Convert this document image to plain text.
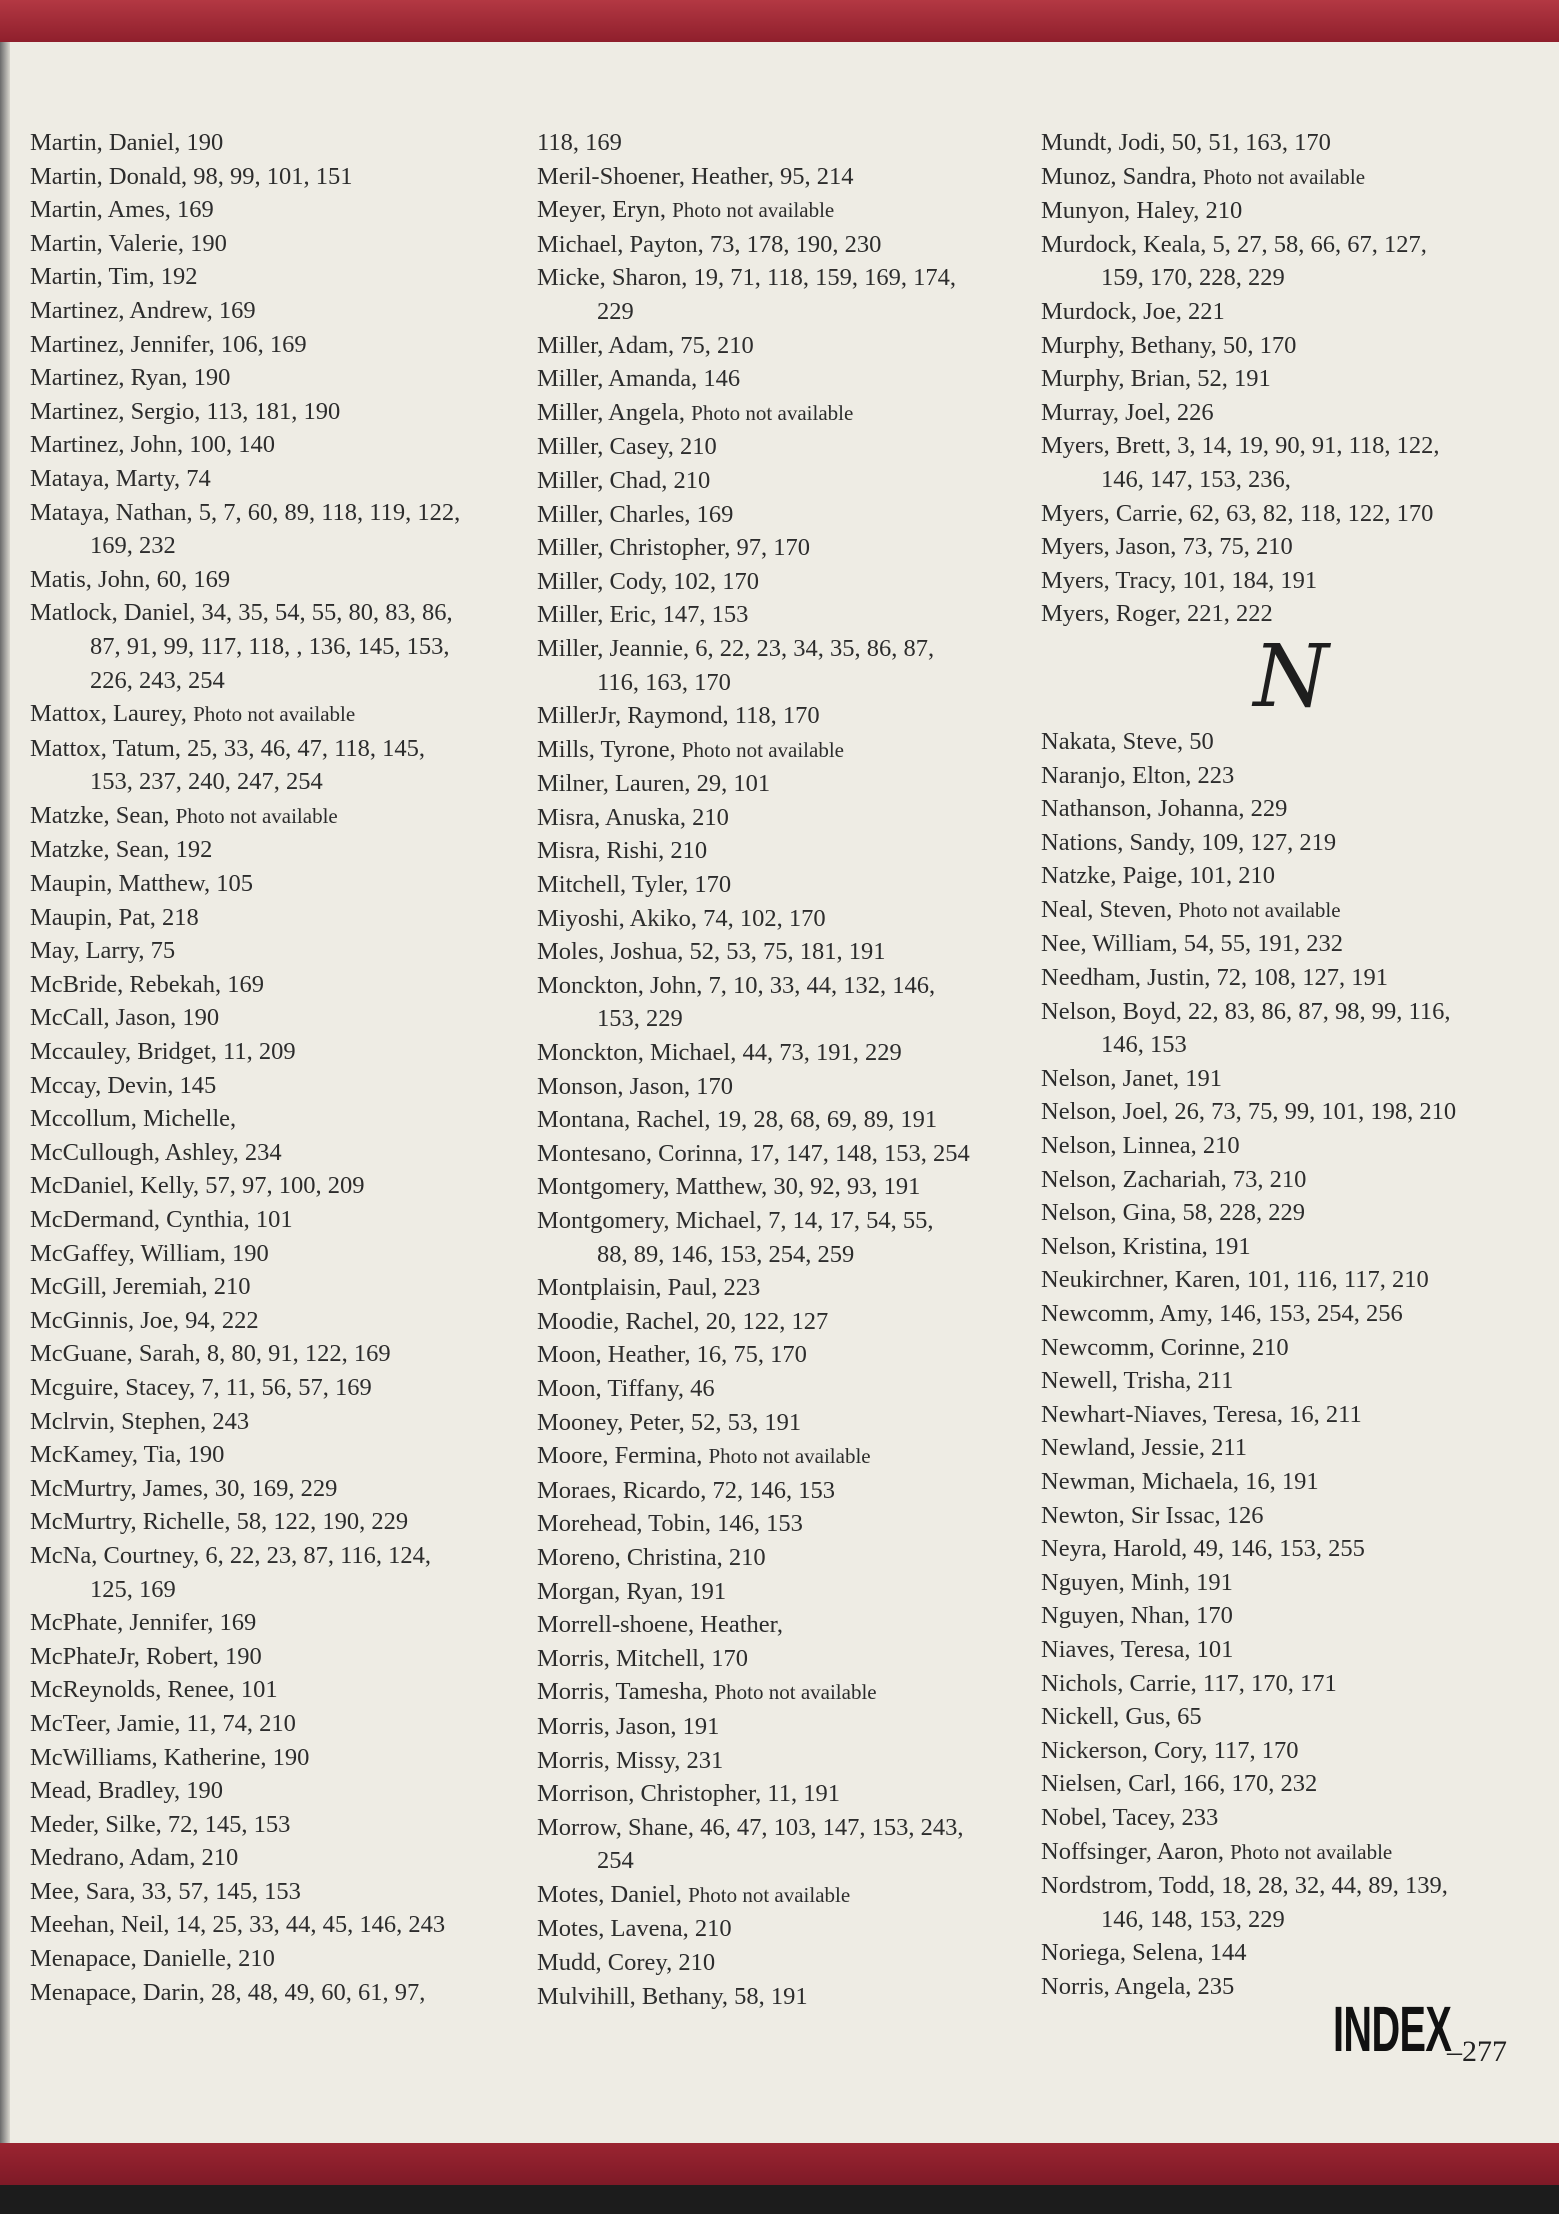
Martin, Daniel, 190
Martin, Donald, 98, 99, 101, 151
Martin, Ames, 169
Martin, Valerie, 190
Martin, Tim, 192
Martinez, Andrew, 169
Martinez, Jennifer, 106, 169
Martinez, Ryan, 190
Martinez, Sergio, 113, 181, 190
Martinez, John, 100, 140
Mataya, Marty, 74
Mataya, Nathan, 5, 7, 60, 89, 118, 119, 122,
169, 232
Matis, John, 60, 169
Matlock, Daniel, 34, 35, 54, 55, 80, 83, 86,
87, 91, 99, 117, 118, , 136, 145, 153,
226, 243, 254
Mattox, Laurey, Photo not available
Mattox, Tatum, 25, 33, 46, 47, 118, 145,
153, 237, 240, 247, 254
Matzke, Sean, Photo not available
Matzke, Sean, 192
Maupin, Matthew, 105
Maupin, Pat, 218
May, Larry, 75
McBride, Rebekah, 169
McCall, Jason, 190
Mccauley, Bridget, 11, 209
Mccay, Devin, 145
Mccollum, Michelle,
McCullough, Ashley, 234
McDaniel, Kelly, 57, 97, 100, 209
McDermand, Cynthia, 101
McGaffey, William, 190
McGill, Jeremiah, 210
McGinnis, Joe, 94, 222
McGuane, Sarah, 8, 80, 91, 122, 169
Mcguire, Stacey, 7, 11, 56, 57, 169
Mclrvin, Stephen, 243
McKamey, Tia, 190
McMurtry, James, 30, 169, 229
McMurtry, Richelle, 58, 122, 190, 229
McNa, Courtney, 6, 22, 23, 87, 116, 124,
125, 169
McPhate, Jennifer, 169
McPhateJr, Robert, 190
McReynolds, Renee, 101
McTeer, Jamie, 11, 74, 210
McWilliams, Katherine, 190
Mead, Bradley, 190
Meder, Silke, 72, 145, 153
Medrano, Adam, 210
Mee, Sara, 33, 57, 145, 153
Meehan, Neil, 14, 25, 33, 44, 45, 146, 243
Menapace, Danielle, 210
Menapace, Darin, 28, 48, 49, 60, 61, 97,
118, 169
Meril-Shoener, Heather, 95, 214
Meyer, Eryn, Photo not available
Michael, Payton, 73, 178, 190, 230
Micke, Sharon, 19, 71, 118, 159, 169, 174,
229
Miller, Adam, 75, 210
Miller, Amanda, 146
Miller, Angela, Photo not available
Miller, Casey, 210
Miller, Chad, 210
Miller, Charles, 169
Miller, Christopher, 97, 170
Miller, Cody, 102, 170
Miller, Eric, 147, 153
Miller, Jeannie, 6, 22, 23, 34, 35, 86, 87,
116, 163, 170
MillerJr, Raymond, 118, 170
Mills, Tyrone, Photo not available
Milner, Lauren, 29, 101
Misra, Anuska, 210
Misra, Rishi, 210
Mitchell, Tyler, 170
Miyoshi, Akiko, 74, 102, 170
Moles, Joshua, 52, 53, 75, 181, 191
Monckton, John, 7, 10, 33, 44, 132, 146,
153, 229
Monckton, Michael, 44, 73, 191, 229
Monson, Jason, 170
Montana, Rachel, 19, 28, 68, 69, 89, 191
Montesano, Corinna, 17, 147, 148, 153, 254
Montgomery, Matthew, 30, 92, 93, 191
Montgomery, Michael, 7, 14, 17, 54, 55,
88, 89, 146, 153, 254, 259
Montplaisin, Paul, 223
Moodie, Rachel, 20, 122, 127
Moon, Heather, 16, 75, 170
Moon, Tiffany, 46
Mooney, Peter, 52, 53, 191
Moore, Fermina, Photo not available
Moraes, Ricardo, 72, 146, 153
Morehead, Tobin, 146, 153
Moreno, Christina, 210
Morgan, Ryan, 191
Morrell-shoene, Heather,
Morris, Mitchell, 170
Morris, Tamesha, Photo not available
Morris, Jason, 191
Morris, Missy, 231
Morrison, Christopher, 11, 191
Morrow, Shane, 46, 47, 103, 147, 153, 243,
254
Motes, Daniel, Photo not available
Motes, Lavena, 210
Mudd, Corey, 210
Mulvihill, Bethany, 58, 191
Mundt, Jodi, 50, 51, 163, 170
Munoz, Sandra, Photo not available
Munyon, Haley, 210
Murdock, Keala, 5, 27, 58, 66, 67, 127,
159, 170, 228, 229
Murdock, Joe, 221
Murphy, Bethany, 50, 170
Murphy, Brian, 52, 191
Murray, Joel, 226
Myers, Brett, 3, 14, 19, 90, 91, 118, 122,
146, 147, 153, 236,
Myers, Carrie, 62, 63, 82, 118, 122, 170
Myers, Jason, 73, 75, 210
Myers, Tracy, 101, 184, 191
Myers, Roger, 221, 222
N
Nakata, Steve, 50
Naranjo, Elton, 223
Nathanson, Johanna, 229
Nations, Sandy, 109, 127, 219
Natzke, Paige, 101, 210
Neal, Steven, Photo not available
Nee, William, 54, 55, 191, 232
Needham, Justin, 72, 108, 127, 191
Nelson, Boyd, 22, 83, 86, 87, 98, 99, 116,
146, 153
Nelson, Janet, 191
Nelson, Joel, 26, 73, 75, 99, 101, 198, 210
Nelson, Linnea, 210
Nelson, Zachariah, 73, 210
Nelson, Gina, 58, 228, 229
Nelson, Kristina, 191
Neukirchner, Karen, 101, 116, 117, 210
Newcomm, Amy, 146, 153, 254, 256
Newcomm, Corinne, 210
Newell, Trisha, 211
Newhart-Niaves, Teresa, 16, 211
Newland, Jessie, 211
Newman, Michaela, 16, 191
Newton, Sir Issac, 126
Neyra, Harold, 49, 146, 153, 255
Nguyen, Minh, 191
Nguyen, Nhan, 170
Niaves, Teresa, 101
Nichols, Carrie, 117, 170, 171
Nickell, Gus, 65
Nickerson, Cory, 117, 170
Nielsen, Carl, 166, 170, 232
Nobel, Tacey, 233
Noffsinger, Aaron, Photo not available
Nordstrom, Todd, 18, 28, 32, 44, 89, 139,
146, 148, 153, 229
Noriega, Selena, 144
Norris, Angela, 235
INDEX
–277
